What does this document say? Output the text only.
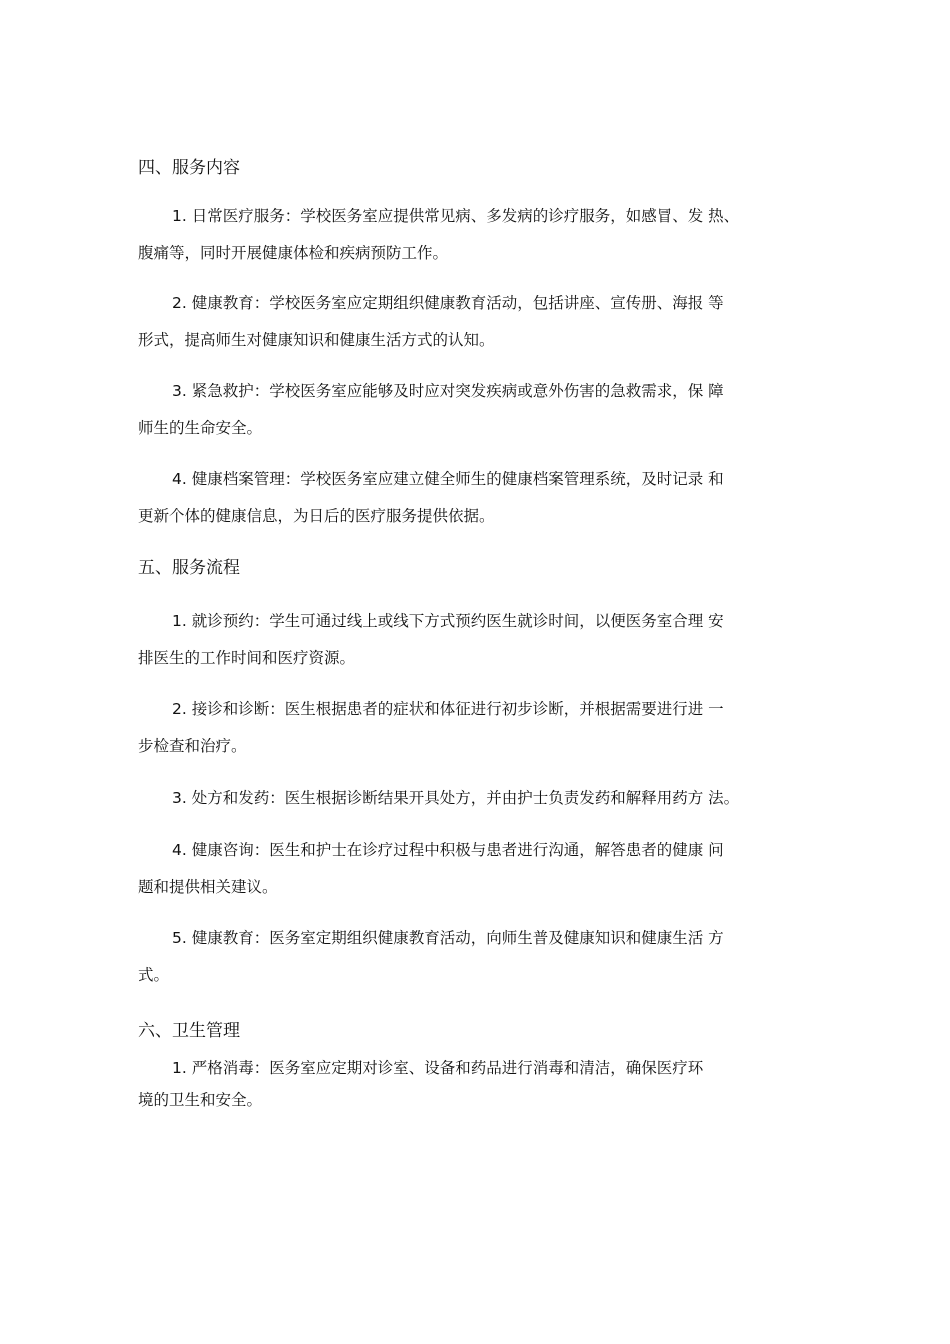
四、服务内容
1. 日常医疗服务：学校医务室应提供常见病、多发病的诊疗服务，如感冒、发 热、
腹痛等，同时开展健康体检和疾病预防工作。
2. 健康教育：学校医务室应定期组织健康教育活动，包括讲座、宣传册、海报 等
形式，提高师生对健康知识和健康生活方式的认知。
3. 紧急救护：学校医务室应能够及时应对突发疾病或意外伤害的急救需求，保 障
师生的生命安全。
4. 健康档案管理：学校医务室应建立健全师生的健康档案管理系统，及时记录 和
更新个体的健康信息，为日后的医疗服务提供依据。
五、服务流程
1. 就诊预约：学生可通过线上或线下方式预约医生就诊时间，以便医务室合理 安
排医生的工作时间和医疗资源。
2. 接诊和诊断：医生根据患者的症状和体征进行初步诊断，并根据需要进行进 一
步检查和治疗。
3. 处方和发药：医生根据诊断结果开具处方，并由护士负责发药和解释用药方 法。
4. 健康咨询：医生和护士在诊疗过程中积极与患者进行沟通，解答患者的健康 问
题和提供相关建议。
5. 健康教育：医务室定期组织健康教育活动，向师生普及健康知识和健康生活 方
式。
六、卫生管理
1. 严格消毒：医务室应定期对诊室、设备和药品进行消毒和清洁，确保医疗环
境的卫生和安全。
